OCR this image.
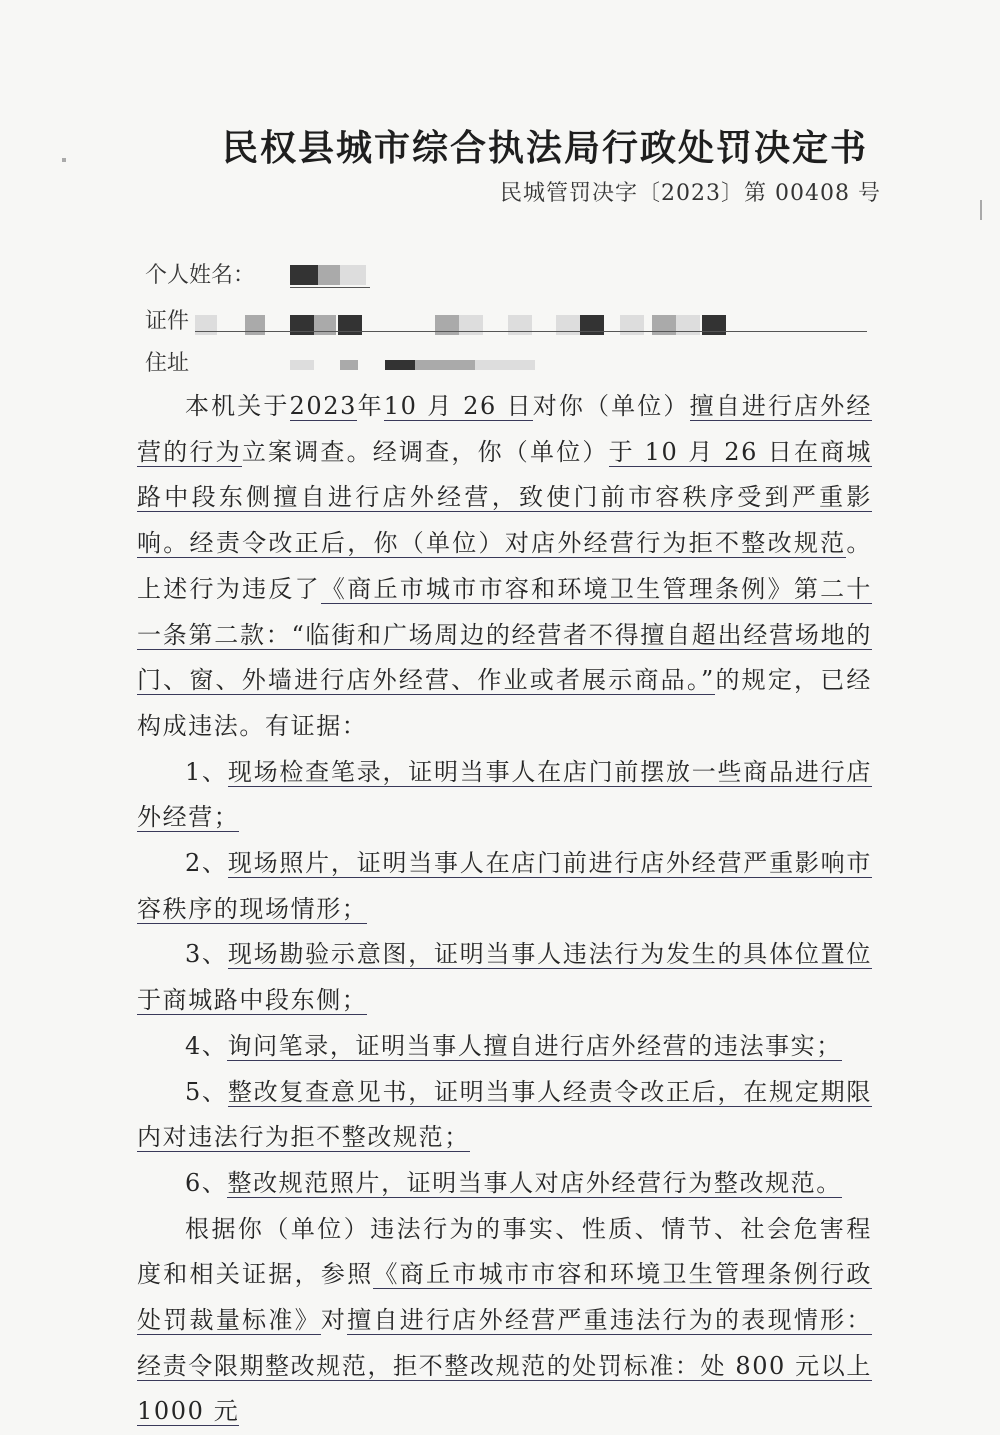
民权县城市综合执法局行政处罚决定书
民城管罚决字〔2023〕第 00408 号
个人姓名：
证件
住址

本机关于2023年10 月 26 日对你（单位）擅自进行店外经营的行为立案调查。经调查，你（单位）于 10 月 26 日在商城路中段东侧擅自进行店外经营，致使门前市容秩序受到严重影响。经责令改正后，你（单位）对店外经营行为拒不整改规范。上述行为违反了《商丘市城市市容和环境卫生管理条例》第二十一条第二款：“临街和广场周边的经营者不得擅自超出经营场地的门、窗、外墙进行店外经营、作业或者展示商品。”的规定，已经构成违法。有证据：

1、现场检查笔录，证明当事人在店门前摆放一些商品进行店外经营；

2、现场照片，证明当事人在店门前进行店外经营严重影响市容秩序的现场情形；

3、现场勘验示意图，证明当事人违法行为发生的具体位置位于商城路中段东侧；

4、询问笔录，证明当事人擅自进行店外经营的违法事实；

5、整改复查意见书，证明当事人经责令改正后，在规定期限内对违法行为拒不整改规范；

6、整改规范照片，证明当事人对店外经营行为整改规范。

根据你（单位）违法行为的事实、性质、情节、社会危害程度和相关证据，参照《商丘市城市市容和环境卫生管理条例行政处罚裁量标准》对擅自进行店外经营严重违法行为的表现情形：经责令限期整改规范，拒不整改规范的处罚标准：处 800 元以上 1000 元
